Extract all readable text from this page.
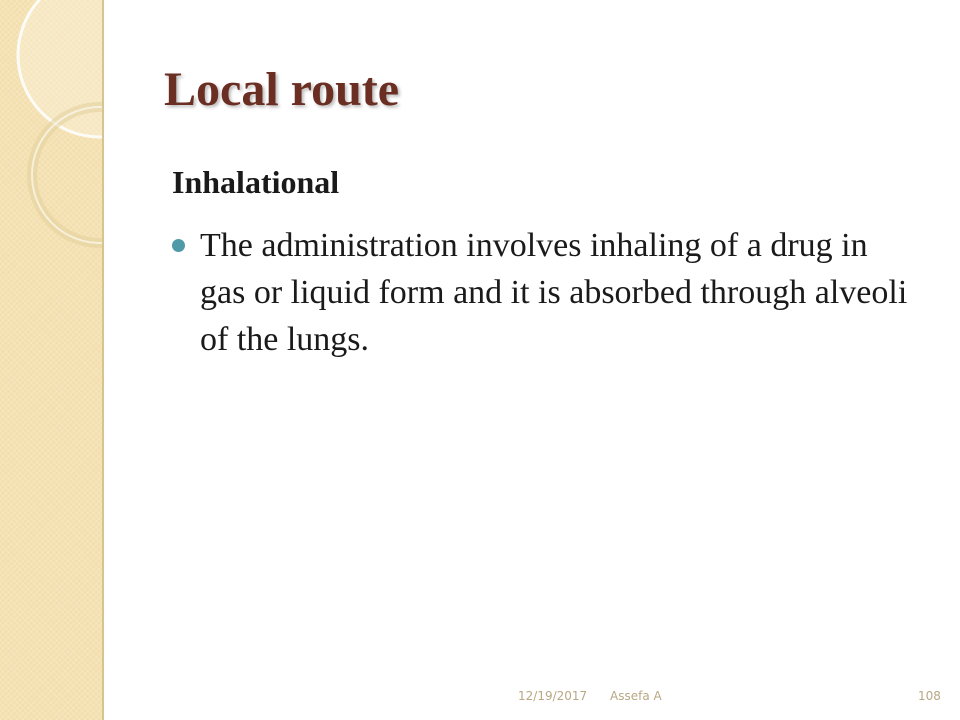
Local route
Inhalational
The administration involves inhaling of a drug in gas or liquid form and it is absorbed through alveoli of the lungs.
12/19/2017 Assefa A	108
